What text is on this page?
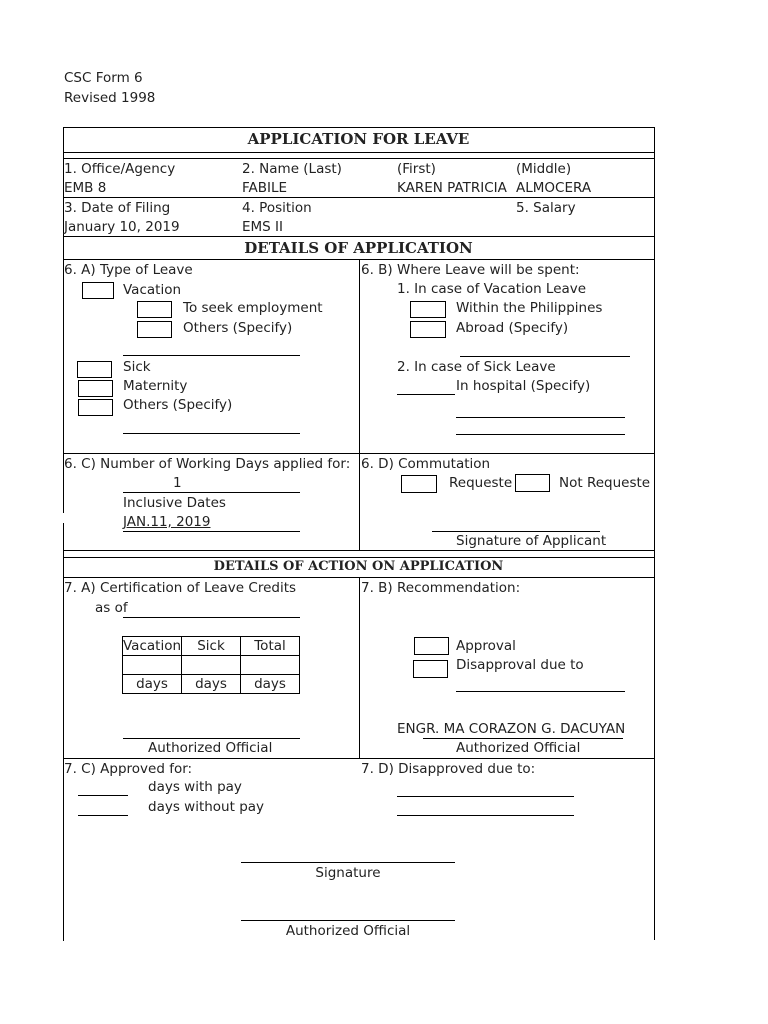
CSC Form 6
Revised 1998
APPLICATION FOR LEAVE
1. Office/Agency
EMB 8
2. Name (Last)
FABILE
(First)
KAREN PATRICIA
(Middle)
ALMOCERA
3. Date of Filing
January 10, 2019
4. Position
EMS II
5. Salary
DETAILS OF APPLICATION
6. A) Type of Leave
Vacation
To seek employment
Others (Specify)
Sick
Maternity
Others (Specify)
6. B) Where Leave will be spent:
1. In case of Vacation Leave
Within the Philippines
Abroad (Specify)
2. In case of Sick Leave
In hospital (Specify)
6. C) Number of Working Days applied for:
1
Inclusive Dates
JAN.11, 2019
6. D) Commutation
Requeste	Not Requeste
Signature of Applicant
DETAILS OF ACTION ON APPLICATION
7. A) Certification of Leave Credits
as of
Vacation	Sick	Total
days	days	days
Authorized Official
7. B) Recommendation:
Approval
Disapproval due to
ENGR. MA CORAZON G. DACUYAN
Authorized Official
7. C) Approved for:
days with pay
days without pay
7. D) Disapproved due to:
Signature
Authorized Official
